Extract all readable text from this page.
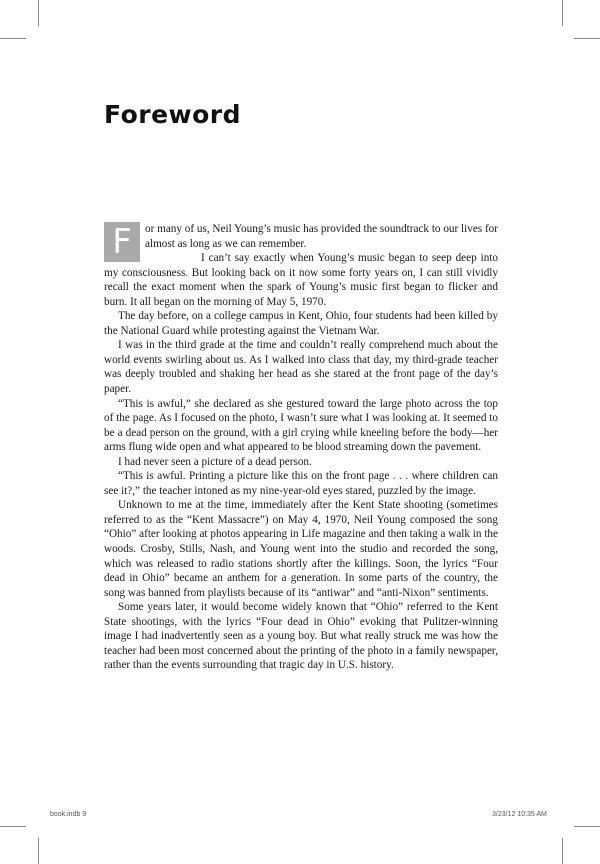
Foreword

F	or many of us, Neil Young’s music has provided the soundtrack to our lives for almost as long as we can remember.

I can’t say exactly when Young’s music began to seep deep into my consciousness. But looking back on it now some forty years on, I can still vividly recall the exact moment when the spark of Young’s music first began to flicker and burn. It all began on the morning of May 5, 1970.

The day before, on a college campus in Kent, Ohio, four students had been killed by the National Guard while protesting against the Vietnam War.

I was in the third grade at the time and couldn’t really comprehend much about the world events swirling about us. As I walked into class that day, my third-grade teacher was deeply troubled and shaking her head as she stared at the front page of the day’s paper.

“This is awful,” she declared as she gestured toward the large photo across the top of the page. As I focused on the photo, I wasn’t sure what I was looking at. It seemed to be a dead person on the ground, with a girl crying while kneeling before the body—her arms flung wide open and what appeared to be blood streaming down the pavement.

I had never seen a picture of a dead person.

“This is awful. Printing a picture like this on the front page . . . where children can see it?,” the teacher intoned as my nine-year-old eyes stared, puzzled by the image.

Unknown to me at the time, immediately after the Kent State shooting (sometimes referred to as the “Kent Massacre”) on May 4, 1970, Neil Young composed the song “Ohio” after looking at photos appearing in Life magazine and then taking a walk in the woods. Crosby, Stills, Nash, and Young went into the studio and recorded the song, which was released to radio stations shortly after the killings. Soon, the lyrics “Four dead in Ohio” became an anthem for a generation. In some parts of the country, the song was banned from playlists because of its “antiwar” and “anti-Nixon” sentiments.

Some years later, it would become widely known that “Ohio” referred to the Kent State shootings, with the lyrics “Four dead in Ohio” evoking that Pulitzer-winning image I had inadvertently seen as a young boy. But what really struck me was how the teacher had been most concerned about the printing of the photo in a family newspaper, rather than the events surrounding that tragic day in U.S. history.

book.indb 9	3/23/12 10:35 AM
